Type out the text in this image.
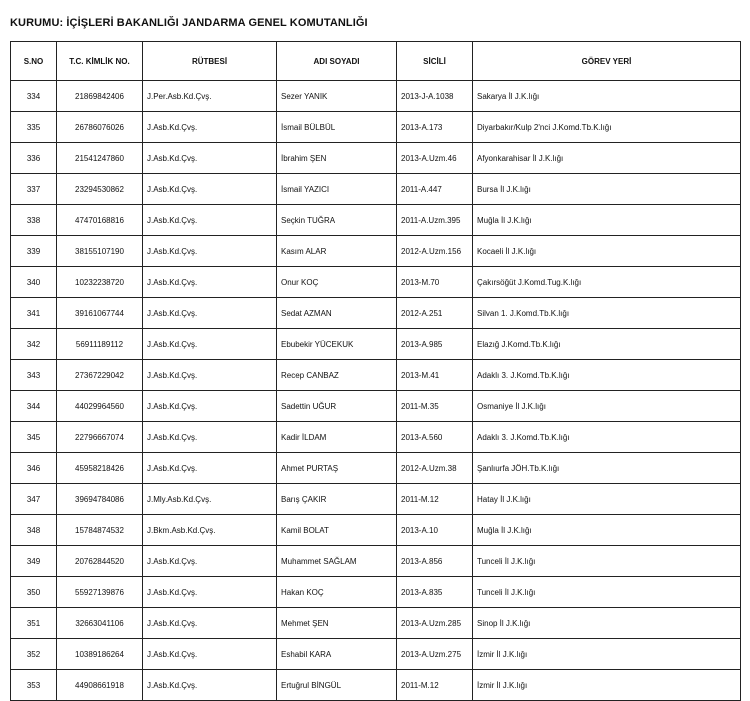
KURUMU: İÇİŞLERİ BAKANLIĞI JANDARMA GENEL KOMUTANLIĞI
S.NO	T.C. KİMLİK NO.	RÜTBESİ	ADI SOYADI	SİCİLİ	GÖREV YERİ
334	21869842406	J.Per.Asb.Kd.Çvş.	Sezer YANIK	2013-J-A.1038	Sakarya İl J.K.lığı
335	26786076026	J.Asb.Kd.Çvş.	İsmail BÜLBÜL	2013-A.173	Diyarbakır/Kulp 2'nci J.Komd.Tb.K.lığı
336	21541247860	J.Asb.Kd.Çvş.	İbrahim ŞEN	2013-A.Uzm.46	Afyonkarahisar İl J.K.lığı
337	23294530862	J.Asb.Kd.Çvş.	İsmail YAZICI	2011-A.447	Bursa İl J.K.lığı
338	47470168816	J.Asb.Kd.Çvş.	Seçkin TUĞRA	2011-A.Uzm.395	Muğla İl J.K.lığı
339	38155107190	J.Asb.Kd.Çvş.	Kasım ALAR	2012-A.Uzm.156	Kocaeli İl J.K.lığı
340	10232238720	J.Asb.Kd.Çvş.	Onur KOÇ	2013-M.70	Çakırsöğüt J.Komd.Tug.K.lığı
341	39161067744	J.Asb.Kd.Çvş.	Sedat AZMAN	2012-A.251	Silvan 1. J.Komd.Tb.K.lığı
342	56911189112	J.Asb.Kd.Çvş.	Ebubekir YÜCEKUK	2013-A.985	Elazığ J.Komd.Tb.K.lığı
343	27367229042	J.Asb.Kd.Çvş.	Recep CANBAZ	2013-M.41	Adaklı 3. J.Komd.Tb.K.lığı
344	44029964560	J.Asb.Kd.Çvş.	Sadettin UĞUR	2011-M.35	Osmaniye İl J.K.lığı
345	22796667074	J.Asb.Kd.Çvş.	Kadir İLDAM	2013-A.560	Adaklı 3. J.Komd.Tb.K.lığı
346	45958218426	J.Asb.Kd.Çvş.	Ahmet PURTAŞ	2012-A.Uzm.38	Şanlıurfa JÖH.Tb.K.lığı
347	39694784086	J.Mly.Asb.Kd.Çvş.	Barış ÇAKIR	2011-M.12	Hatay İl J.K.lığı
348	15784874532	J.Bkm.Asb.Kd.Çvş.	Kamil BOLAT	2013-A.10	Muğla İl J.K.lığı
349	20762844520	J.Asb.Kd.Çvş.	Muhammet SAĞLAM	2013-A.856	Tunceli İl J.K.lığı
350	55927139876	J.Asb.Kd.Çvş.	Hakan KOÇ	2013-A.835	Tunceli İl J.K.lığı
351	32663041106	J.Asb.Kd.Çvş.	Mehmet ŞEN	2013-A.Uzm.285	Sinop İl J.K.lığı
352	10389186264	J.Asb.Kd.Çvş.	Eshabil KARA	2013-A.Uzm.275	İzmir İl J.K.lığı
353	44908661918	J.Asb.Kd.Çvş.	Ertuğrul BİNGÜL	2011-M.12	İzmir İl J.K.lığı
